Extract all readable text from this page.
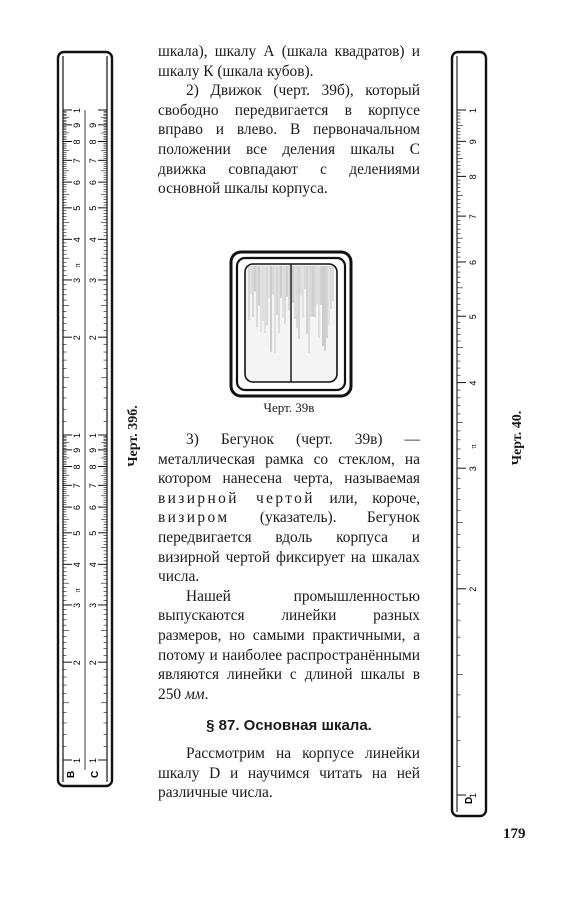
1 1
2 2
3 3
4 4
5 5
6 6
7 7
8 8
9 9
1 1
2 2
3 3
4 4
5 5
6 6
7 7
8 8
9 9
1
π
π
В С
Черт. 39б.

шкала), шкалу А (шкала квадратов) и шкалу К (шкала кубов).

2) Движок (черт. 39б), который свободно передвигается в корпусе вправо и влево. В первоначальном положении все деления шкалы С движка совпадают с делениями основной шкалы корпуса.

Черт. 39в

3) Бегунок (черт. 39в) — металлическая рамка со стеклом, на котором нанесена черта, называемая визирной чертой или, короче, визиром (указатель). Бегунок передвигается вдоль корпуса и визирной чертой фиксирует на шкалах числа.

Нашей промышленностью выпускаются линейки разных размеров, но самыми практичными, а потому и наиболее распространёнными являются линейки с длиной шкалы в 250 мм.

§ 87. Основная шкала.

Рассмотрим на корпусе линейки шкалу D и научимся читать на ней различные числа.	1
2
3
4
5
6
7
8
9
1
π
D
Черт. 40.
179
